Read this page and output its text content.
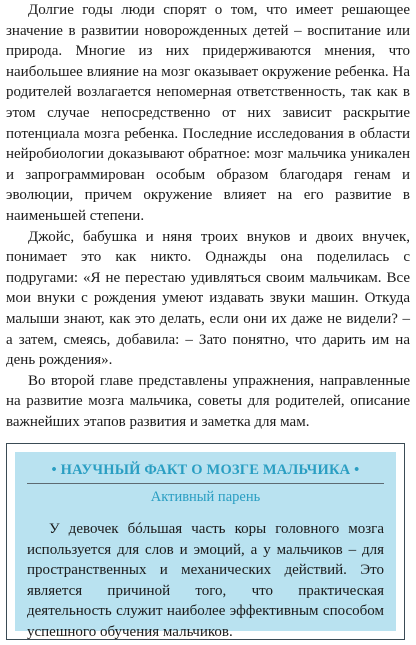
Долгие годы люди спорят о том, что имеет решающее значение в развитии новорожденных детей – воспитание или природа. Многие из них придерживаются мнения, что наибольшее влияние на мозг оказывает окружение ребенка. На родителей возлагается непомерная ответственность, так как в этом случае непосредственно от них зависит раскрытие потенциала мозга ребенка. Последние исследования в области нейробиологии доказывают обратное: мозг мальчика уникален и запрограммирован особым образом благодаря генам и эволюции, причем окружение влияет на его развитие в наименьшей степени.

Джойс, бабушка и няня троих внуков и двоих внучек, понимает это как никто. Однажды она поделилась с подругами: «Я не перестаю удивляться своим мальчикам. Все мои внуки с рождения умеют издавать звуки машин. Откуда малыши знают, как это делать, если они их даже не видели? – а затем, смеясь, добавила: – Зато понятно, что дарить им на день рождения».

Во второй главе представлены упражнения, направленные на развитие мозга мальчика, советы для родителей, описание важнейших этапов развития и заметка для мам.

• НАУЧНЫЙ ФАКТ О МОЗГЕ МАЛЬЧИКА •
Активный парень

У девочек бóльшая часть коры головного мозга используется для слов и эмоций, а у мальчиков – для пространственных и механических действий. Это является причиной того, что практическая деятельность служит наиболее эффективным способом успешного обучения мальчиков.
